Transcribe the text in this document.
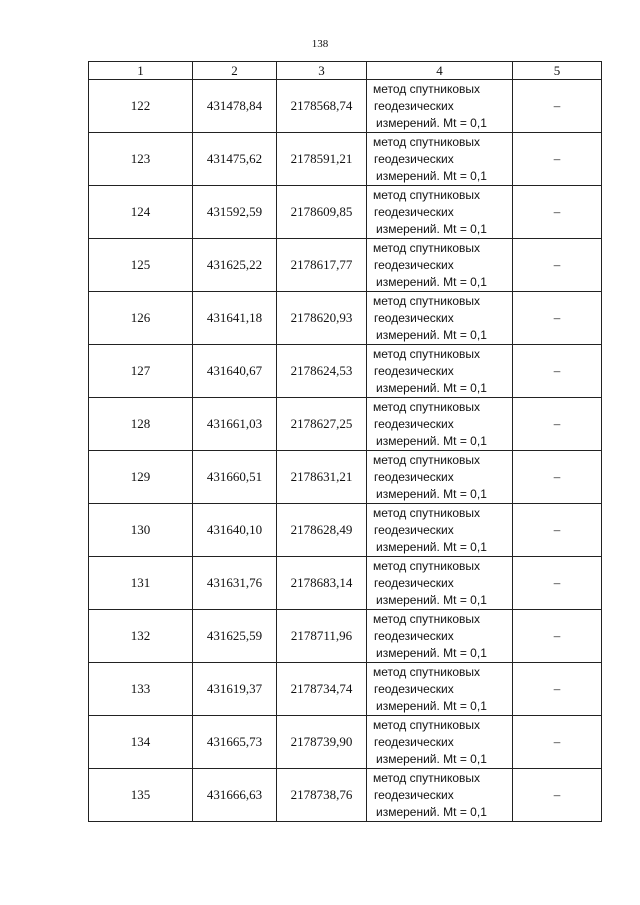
138
1	2	3	4	5
122	431478,84	2178568,74	метод спутниковых
геодезических
измерений. Mt = 0,1	–
123	431475,62	2178591,21	метод спутниковых
геодезических
измерений. Mt = 0,1	–
124	431592,59	2178609,85	метод спутниковых
геодезических
измерений. Mt = 0,1	–
125	431625,22	2178617,77	метод спутниковых
геодезических
измерений. Mt = 0,1	–
126	431641,18	2178620,93	метод спутниковых
геодезических
измерений. Mt = 0,1	–
127	431640,67	2178624,53	метод спутниковых
геодезических
измерений. Mt = 0,1	–
128	431661,03	2178627,25	метод спутниковых
геодезических
измерений. Mt = 0,1	–
129	431660,51	2178631,21	метод спутниковых
геодезических
измерений. Mt = 0,1	–
130	431640,10	2178628,49	метод спутниковых
геодезических
измерений. Mt = 0,1	–
131	431631,76	2178683,14	метод спутниковых
геодезических
измерений. Mt = 0,1	–
132	431625,59	2178711,96	метод спутниковых
геодезических
измерений. Mt = 0,1	–
133	431619,37	2178734,74	метод спутниковых
геодезических
измерений. Mt = 0,1	–
134	431665,73	2178739,90	метод спутниковых
геодезических
измерений. Mt = 0,1	–
135	431666,63	2178738,76	метод спутниковых
геодезических
измерений. Mt = 0,1	–
